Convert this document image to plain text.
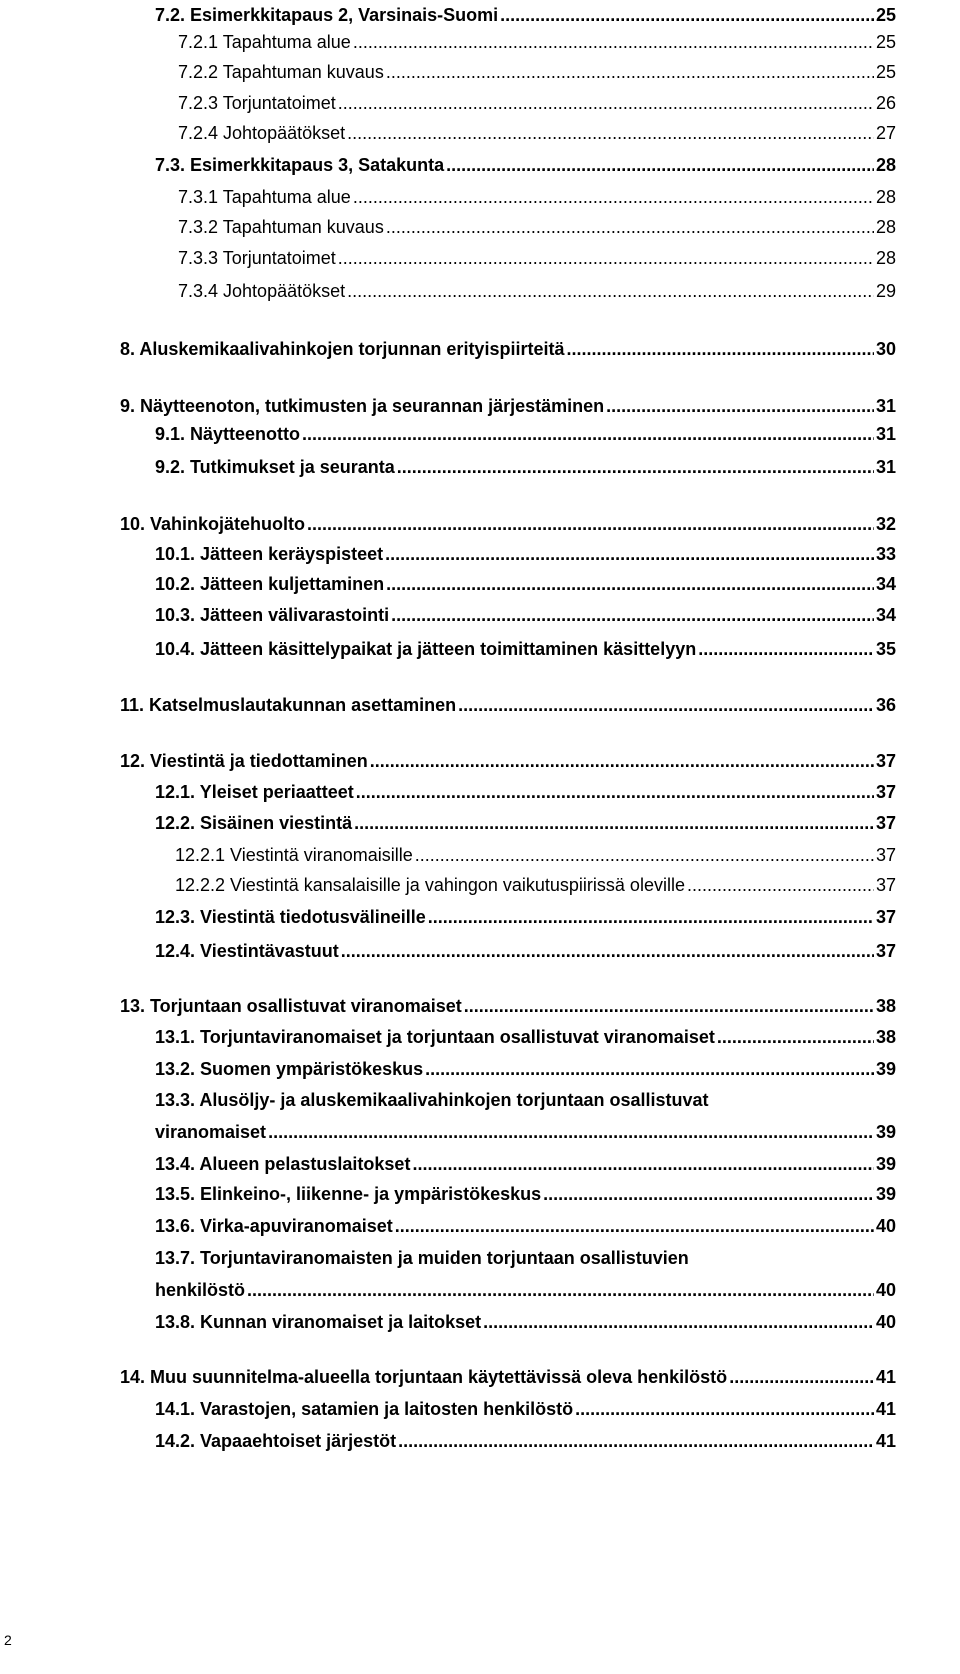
7.2. Esimerkkitapaus 2, Varsinais-Suomi .....	25
7.2.1 Tapahtuma alue .....	25
7.2.2 Tapahtuman kuvaus .....	25
7.2.3 Torjuntatoimet .....	26
7.2.4 Johtopäätökset .....	27
7.3. Esimerkkitapaus 3, Satakunta .....	28
7.3.1 Tapahtuma alue .....	28
7.3.2 Tapahtuman kuvaus .....	28
7.3.3 Torjuntatoimet .....	28
7.3.4 Johtopäätökset .....	29
8. Aluskemikaalivahinkojen torjunnan erityispiirteitä .....	30
9. Näytteenoton, tutkimusten ja seurannan järjestäminen .....	31
9.1. Näytteenotto .....	31
9.2. Tutkimukset ja seuranta .....	31
10. Vahinkojätehuolto .....	32
10.1. Jätteen keräyspisteet .....	33
10.2. Jätteen kuljettaminen .....	34
10.3. Jätteen välivarastointi .....	34
10.4. Jätteen käsittelypaikat ja jätteen toimittaminen käsittelyyn .....	35
11. Katselmuslautakunnan asettaminen .....	36
12. Viestintä ja tiedottaminen .....	37
12.1. Yleiset periaatteet .....	37
12.2. Sisäinen viestintä .....	37
12.2.1 Viestintä viranomaisille .....	37
12.2.2 Viestintä kansalaisille ja vahingon vaikutuspiirissä oleville .....	37
12.3. Viestintä tiedotusvälineille .....	37
12.4. Viestintävastuut .....	37
13. Torjuntaan osallistuvat viranomaiset .....	38
13.1. Torjuntaviranomaiset ja torjuntaan osallistuvat viranomaiset .....	38
13.2. Suomen ympäristökeskus .....	39
13.3. Alusöljy- ja aluskemikaalivahinkojen torjuntaan osallistuvat
viranomaiset .....	39
13.4. Alueen pelastuslaitokset .....	39
13.5. Elinkeino-, liikenne- ja ympäristökeskus .....	39
13.6. Virka-apuviranomaiset .....	40
13.7. Torjuntaviranomaisten ja muiden torjuntaan osallistuvien
henkilöstö .....	40
13.8. Kunnan viranomaiset ja laitokset .....	40
14. Muu suunnitelma-alueella torjuntaan käytettävissä oleva henkilöstö .....	41
14.1. Varastojen, satamien ja laitosten henkilöstö .....	41
14.2. Vapaaehtoiset järjestöt .....	41
2
